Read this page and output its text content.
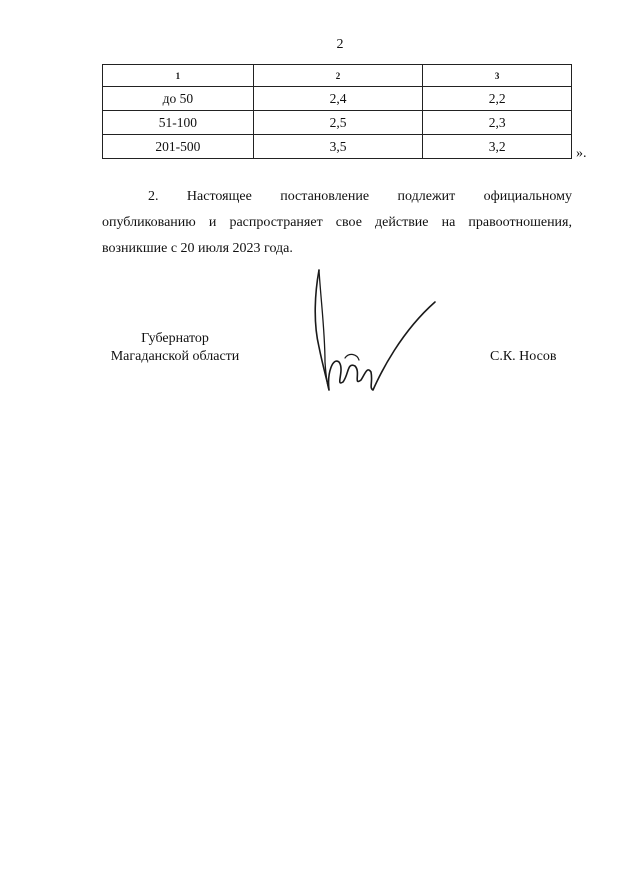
2
1	2	3
до 50	2,4	2,2
51-100	2,5	2,3
201-500	3,5	3,2	».
2. Настоящее постановление подлежит официальному
опубликованию и распространяет свое действие на правоотношения,
возникшие с 20 июля 2023 года.
Губернатор
Магаданской области	С.К. Носов
